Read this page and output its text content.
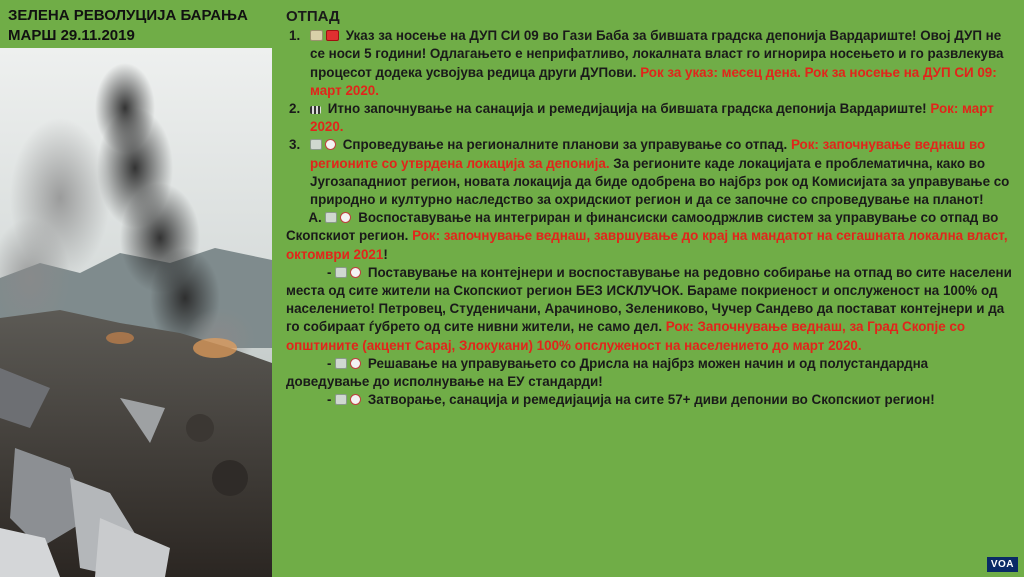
ЗЕЛЕНА РЕВОЛУЦИЈА БАРАЊА
МАРШ 29.11.2019
ОТПАД
1.	Указ за носење на ДУП СИ 09 во Гази Баба за бившата градска депонија Вардариште! Овој ДУП не се носи 5 години! Одлагањето е неприфатливо, локалната власт го игнорира носењето и го развлекува процесот додека усвојува редица други ДУПови. Рок за указ: месец дена. Рок за носење на ДУП СИ 09: март 2020.
2. Итно започнување на санација и ремедијација на бившата градска депонија Вардариште! Рок: март 2020.
3.	Спроведување на регионалните планови за управување со отпад. Рок: започнување веднаш во регионите со утврдена локација за депонија. За регионите каде локацијата е проблематична, како во Југозападниот регион, новата локација да биде одобрена во најбрз рок од Комисијата за управување со природно и културно наследство за охридскиот регион и да се започне со спроведување на планот!
A.	Воспоставување на интегриран и финансиски самоодржлив систем за управување со отпад во Скопскиот регион. Рок: започнување веднаш, завршување до крај на мандатот на сегашната локална власт, октомври 2021!
-	Поставување на контејнери и воспоставување на редовно собирање на отпад во сите населени места од сите жители на Скопскиот регион БЕЗ ИСКЛУЧОК. Бараме покриеност и опслуженост на 100% од населението! Петровец, Студеничани, Арачиново, Зелениково, Чучер Сандево да поставaт контејнери и да го собираат ѓубрето од сите нивни жители, не само дел. Рок: Започнување веднаш, за Град Скопје со општините (акцент Сарај, Злокукани) 100% опслуженост на населението до март 2020.
-	Решавање на управувањето со Дрисла на најбрз можен начин и од полустандардна доведување до исполнување на ЕУ стандарди!
-	Затворање, санација и ремедијација на сите 57+ диви депонии во Скопскиот регион!
VOA
